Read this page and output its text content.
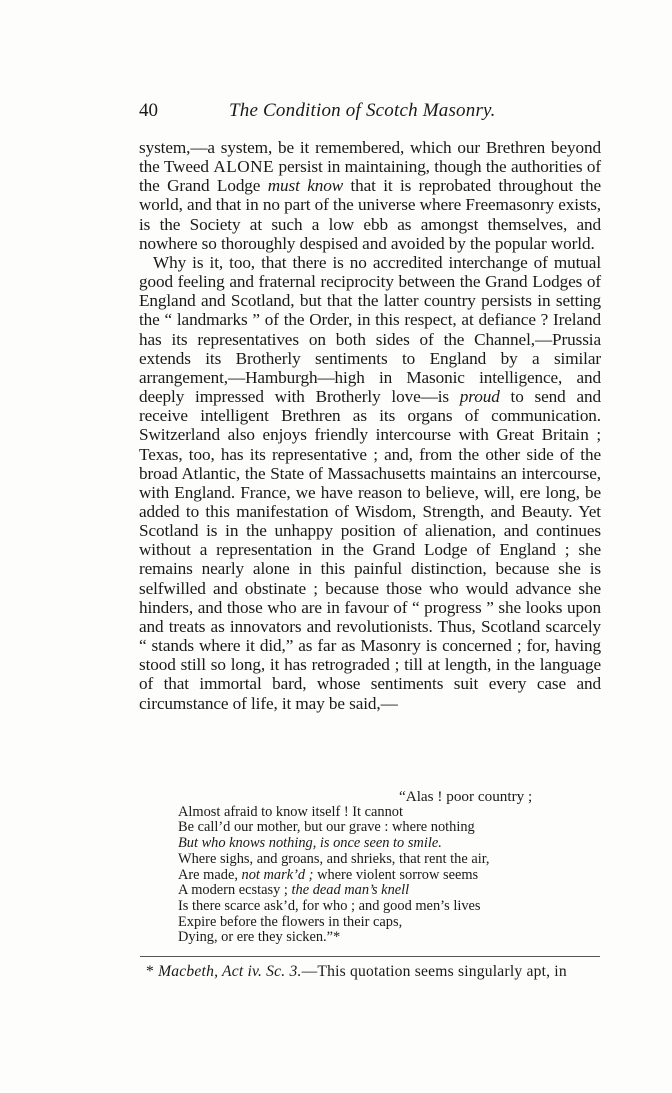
40	The Condition of Scotch Masonry.

system,—a system, be it remembered, which our Brethren beyond the Tweed ALONE persist in maintaining, though the authorities of the Grand Lodge must know that it is reprobated throughout the world, and that in no part of the universe where Freemasonry exists, is the Society at such a low ebb as amongst themselves, and nowhere so thoroughly despised and avoided by the popular world.

Why is it, too, that there is no accredited interchange of mutual good feeling and fraternal reciprocity between the Grand Lodges of England and Scotland, but that the latter country persists in setting the “ landmarks ” of the Order, in this respect, at defiance ? Ireland has its representatives on both sides of the Channel,—Prussia extends its Brotherly sentiments to England by a similar arrangement,—Hamburgh—high in Masonic intelligence, and deeply impressed with Brotherly love—is proud to send and receive intelligent Brethren as its organs of communication. Switzerland also enjoys friendly intercourse with Great Britain ; Texas, too, has its representative ; and, from the other side of the broad Atlantic, the State of Massachusetts maintains an intercourse, with England. France, we have reason to believe, will, ere long, be added to this manifestation of Wisdom, Strength, and Beauty. Yet Scotland is in the unhappy position of alienation, and continues without a representation in the Grand Lodge of England ; she remains nearly alone in this painful distinction, because she is selfwilled and obstinate ; because those who would advance she hinders, and those who are in favour of “ progress ” she looks upon and treats as innovators and revolutionists. Thus, Scotland scarcely “ stands where it did,” as far as Masonry is concerned ; for, having stood still so long, it has retrograded ; till at length, in the language of that immortal bard, whose sentiments suit every case and circumstance of life, it may be said,—

“Alas ! poor country ;
Almost afraid to know itself ! It cannot
Be call’d our mother, but our grave : where nothing
But who knows nothing, is once seen to smile.
Where sighs, and groans, and shrieks, that rent the air,
Are made, not mark’d ; where violent sorrow seems
A modern ecstasy ; the dead man’s knell
Is there scarce ask’d, for who ; and good men’s lives
Expire before the flowers in their caps,
Dying, or ere they sicken.”*
* Macbeth, Act iv. Sc. 3.—This quotation seems singularly apt, in
